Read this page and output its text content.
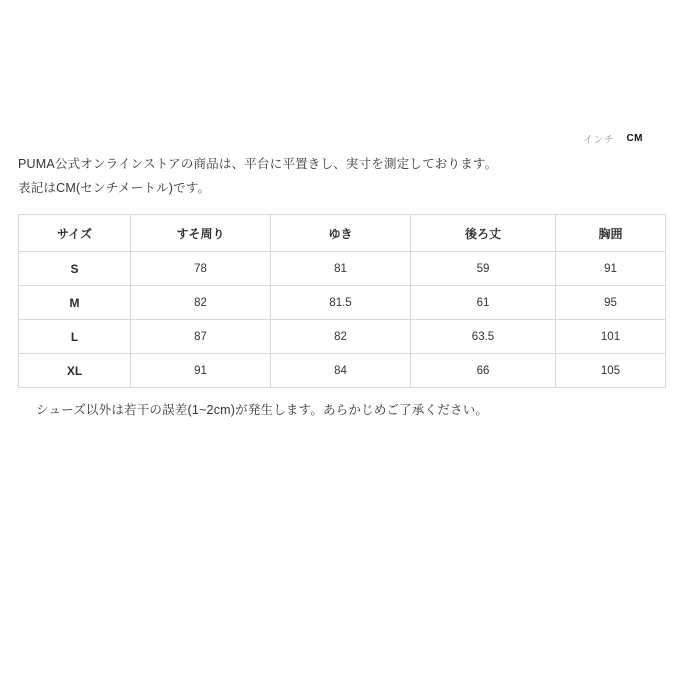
インチ CM
PUMA公式オンラインストアの商品は、平台に平置きし、実寸を測定しております。
表記はCM(センチメートル)です。
サイズ	すそ周り	ゆき	後ろ丈	胸囲
S	78	81	59	91
M	82	81.5	61	95
L	87	82	63.5	101
XL	91	84	66	105
シューズ以外は若干の誤差(1~2cm)が発生します。あらかじめご了承ください。
